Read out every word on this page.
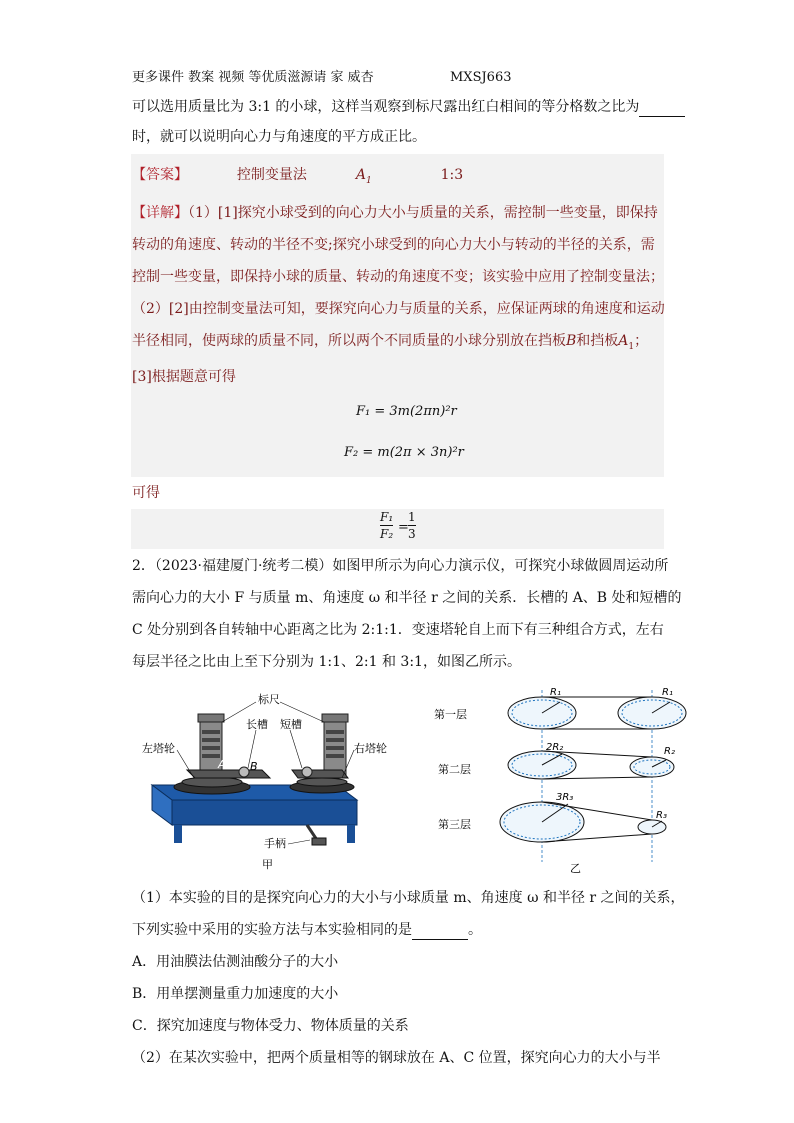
更多课件 教案 视频 等优质滋源请 家 威杏	MXSJ663
可以选用质量比为 3:1 的小球，这样当观察到标尺露出红白相间的等分格数之比为
时，就可以说明向心力与角速度的平方成正比。
【答案】	控制变量法	$A_1$	1:3
【详解】（1）[1]探究小球受到的向心力大小与质量的关系，需控制一些变量，即保持
转动的角速度、转动的半径不变;探究小球受到的向心力大小与转动的半径的关系，需
控制一些变量，即保持小球的质量、转动的角速度不变；该实验中应用了控制变量法；
（2）[2]由控制变量法可知，要探究向心力与质量的关系，应保证两球的角速度和运动
半径相同，使两球的质量不同，所以两个不同质量的小球分别放在挡板B和挡板$A_1$；
[3]根据题意可得
F₁ = 3m(2πn)²r
F₂ = m(2π × 3n)²r
可得
F₁
F₂ =
1
3
2．（2023·福建厦门·统考二模）如图甲所示为向心力演示仪，可探究小球做圆周运动所
需向心力的大小 F 与质量 m、角速度 ω 和半径 r 之间的关系．长槽的 A、B 处和短槽的
C 处分别到各自转轴中心距离之比为 2:1:1．变速塔轮自上而下有三种组合方式，左右
每层半径之比由上至下分别为 1:1、2:1 和 3:1，如图乙所示。
标尺
长槽 短槽
左塔轮	右塔轮
A B	C
手柄
甲
第一层
R₁	R₁
第二层
2R₂	R₂
第三层
3R₃
R₃
乙
（1）本实验的目的是探究向心力的大小与小球质量 m、角速度 ω 和半径 r 之间的关系，
下列实验中采用的实验方法与本实验相同的是	。
A．用油膜法估测油酸分子的大小
B．用单摆测量重力加速度的大小
C．探究加速度与物体受力、物体质量的关系
（2）在某次实验中，把两个质量相等的钢球放在 A、C 位置，探究向心力的大小与半
